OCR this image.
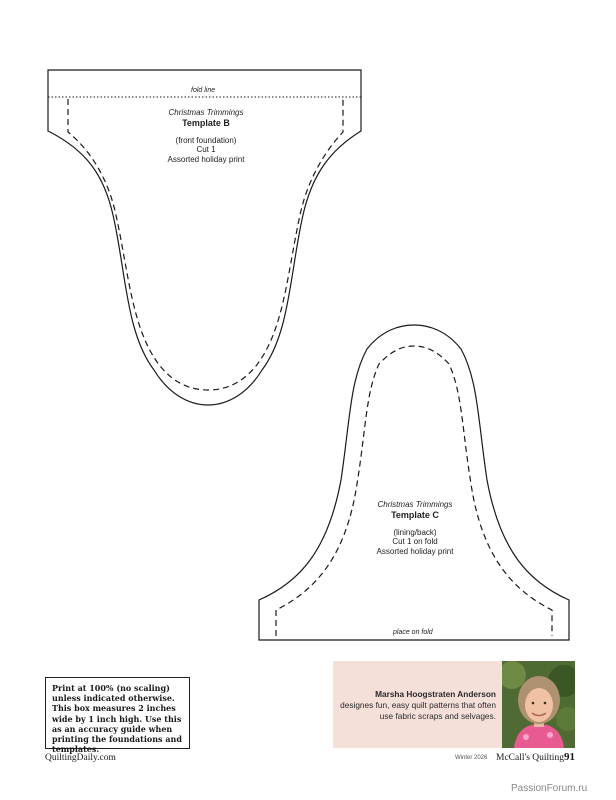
fold line
Christmas Trimmings
Template B
(front foundation)
Cut 1
Assorted holiday print
Christmas Trimmings
Template C
(lining/back)
Cut 1 on fold
Assorted holiday print
place on fold
Print at 100% (no scaling) unless indicated otherwise. This box measures 2 inches wide by 1 inch high. Use this as an accuracy guide when printing the foundations and templates.
Marsha Hoogstraten Anderson
designes fun, easy quilt patterns that often use fabric scraps and selvages.
QuiltingDaily.com	Winter 2026 McCall's Quilting 91
PassionForum.ru
